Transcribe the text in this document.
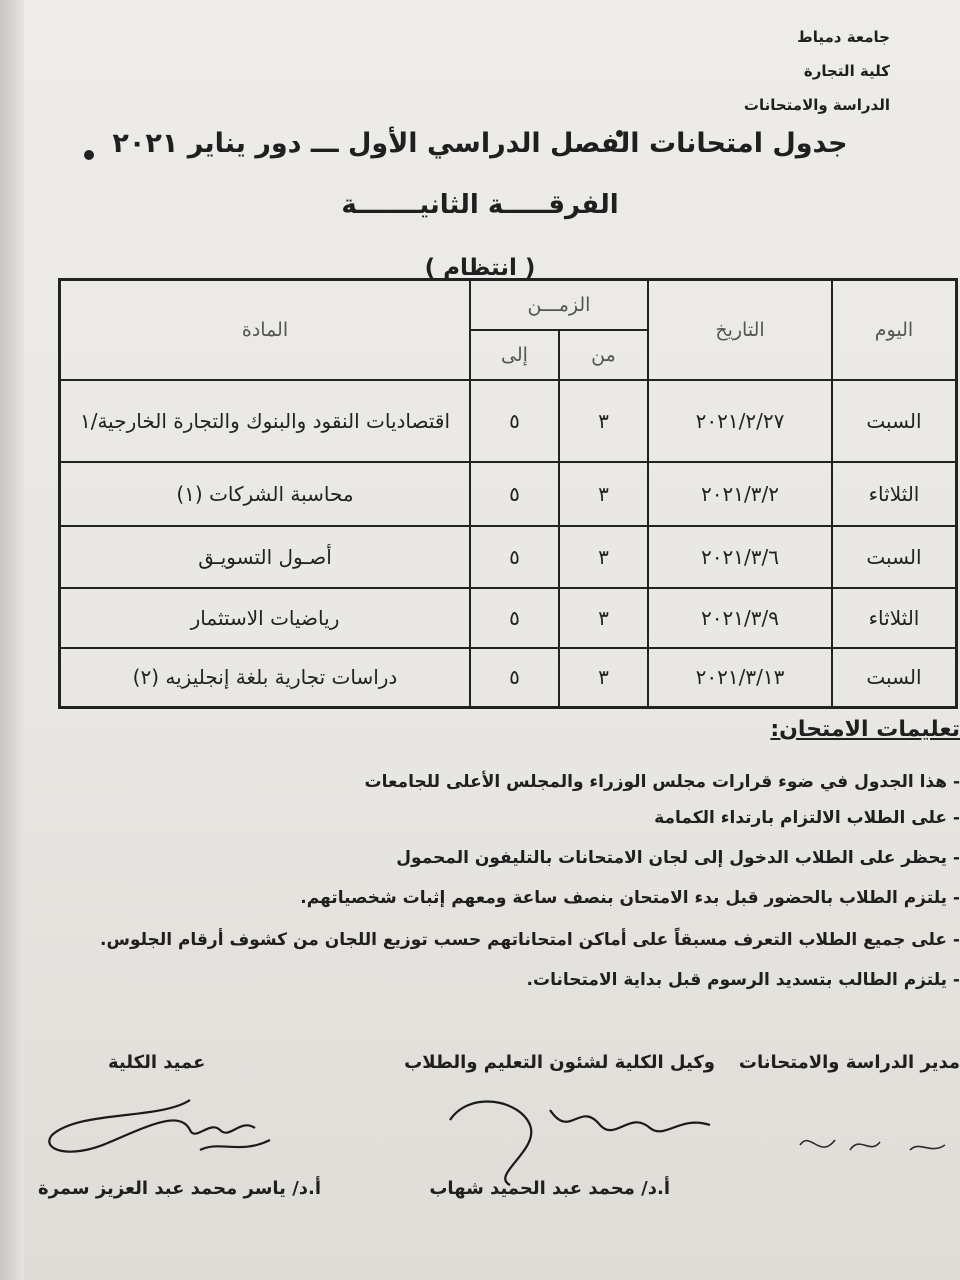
جامعة دمياط
كلية التجارة
الدراسة والامتحانات
جدول امتحانات الفصل الدراسي الأول ـــ دور يناير ٢٠٢١
الفرقـــــة الثانيـــــــة
( انتظام )
اليوم	التاريخ	الزمـــن		المادة
		من	إلى	
السبت	٢٠٢١/٢/٢٧	٣	٥	اقتصاديات النقود والبنوك والتجارة الخارجية/١
الثلاثاء	٢٠٢١/٣/٢	٣	٥	محاسبة الشركات (١)
السبت	٢٠٢١/٣/٦	٣	٥	أصـول التسويـق
الثلاثاء	٢٠٢١/٣/٩	٣	٥	رياضيات الاستثمار
السبت	٢٠٢١/٣/١٣	٣	٥	دراسات تجارية بلغة إنجليزيه (٢)
تعليمات الامتحان:
- هذا الجدول في ضوء قرارات مجلس الوزراء والمجلس الأعلى للجامعات
- على الطلاب الالتزام بارتداء الكمامة
- يحظر على الطلاب الدخول إلى لجان الامتحانات بالتليفون المحمول
- يلتزم الطلاب بالحضور قبل بدء الامتحان بنصف ساعة ومعهم إثبات شخصياتهم.
- على جميع الطلاب التعرف مسبقاً على أماكن امتحاناتهم حسب توزيع اللجان من كشوف أرقام الجلوس.
- يلتزم الطالب بتسديد الرسوم قبل بداية الامتحانات.
مدير الدراسة والامتحانات
وكيل الكلية لشئون التعليم والطلاب
عميد الكلية
أ.د/ محمد عبد الحميد شهاب
أ.د/ ياسر محمد عبد العزيز سمرة
